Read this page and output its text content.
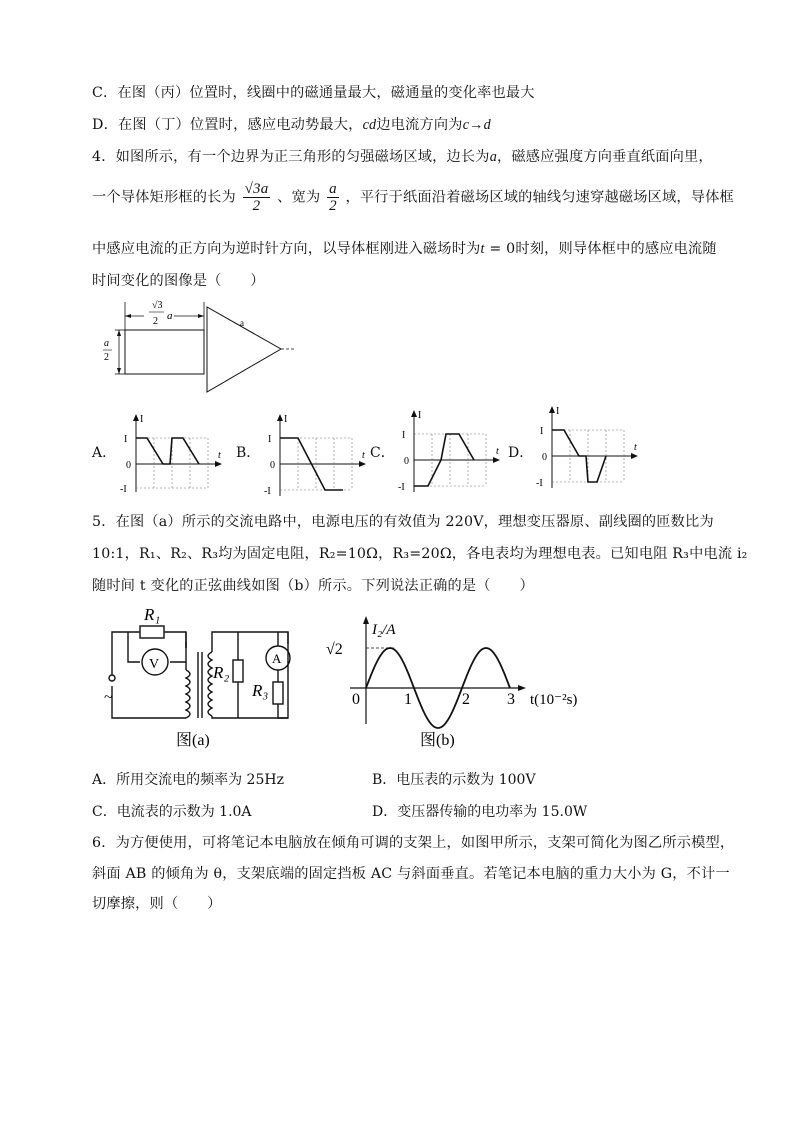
C．在图（丙）位置时，线圈中的磁通量最大，磁通量的变化率也最大
D．在图（丁）位置时，感应电动势最大，cd边电流方向为c→d
4．如图所示，有一个边界为正三角形的匀强磁场区域，边长为a，磁感应强度方向垂直纸面向里，
一个导体矩形框的长为 $\frac{√3a}{2}$ 、宽为 $\frac{a}{2}$ ，平行于纸面沿着磁场区域的轴线匀速穿越磁场区域，导体框
中感应电流的正方向为逆时针方向，以导体框刚进入磁场时为t = 0时刻，则导体框中的感应电流随
时间变化的图像是（　　）
√3
2 a
a
2
a
A．
I
I
0
-I
t B．
I
I
0
-I
t C．
I
I
0
-I
t D．
I
I
0
-I
t
5．在图（a）所示的交流电路中，电源电压的有效值为 220V，理想变压器原、副线圈的匝数比为
10:1，R₁、R₂、R₃均为固定电阻，R₂=10Ω，R₃=20Ω，各电表均为理想电表。已知电阻 R₃中电流 i₂
随时间 t 变化的正弦曲线如图（b）所示。下列说法正确的是（　　）
R₁
V
~
R₂
A
R₃
图(a)
I₂/A
√2
0	1	2 3 t(10⁻²s)
图(b)
A．所用交流电的频率为 25Hz	B．电压表的示数为 100V
C．电流表的示数为 1.0A	D．变压器传输的电功率为 15.0W
6．为方便使用，可将笔记本电脑放在倾角可调的支架上，如图甲所示，支架可简化为图乙所示模型，
斜面 AB 的倾角为 θ，支架底端的固定挡板 AC 与斜面垂直。若笔记本电脑的重力大小为 G，不计一
切摩擦，则（　　）
